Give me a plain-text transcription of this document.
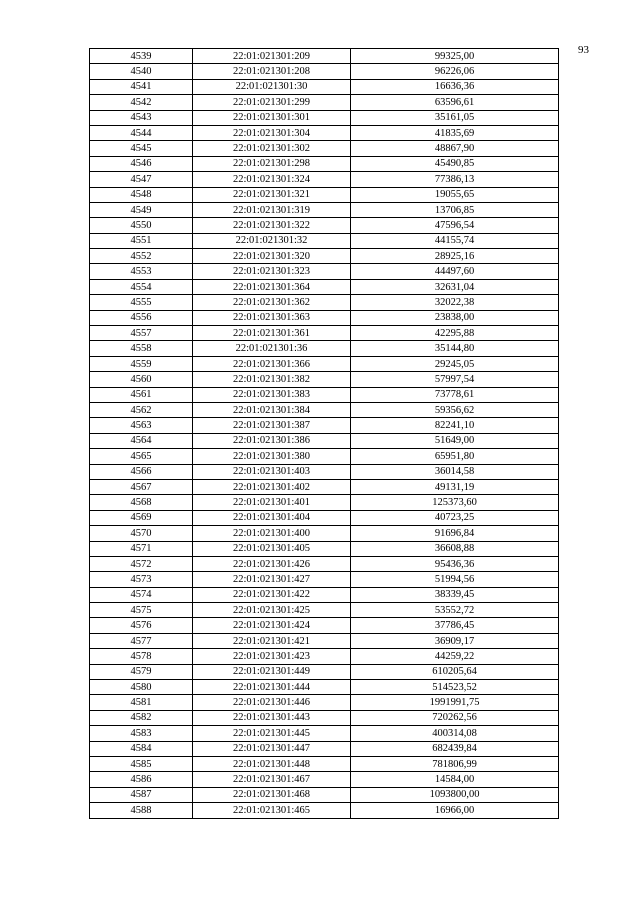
93
4539	22:01:021301:209	99325,00
4540	22:01:021301:208	96226,06
4541	22:01:021301:30	16636,36
4542	22:01:021301:299	63596,61
4543	22:01:021301:301	35161,05
4544	22:01:021301:304	41835,69
4545	22:01:021301:302	48867,90
4546	22:01:021301:298	45490,85
4547	22:01:021301:324	77386,13
4548	22:01:021301:321	19055,65
4549	22:01:021301:319	13706,85
4550	22:01:021301:322	47596,54
4551	22:01:021301:32	44155,74
4552	22:01:021301:320	28925,16
4553	22:01:021301:323	44497,60
4554	22:01:021301:364	32631,04
4555	22:01:021301:362	32022,38
4556	22:01:021301:363	23838,00
4557	22:01:021301:361	42295,88
4558	22:01:021301:36	35144,80
4559	22:01:021301:366	29245,05
4560	22:01:021301:382	57997,54
4561	22:01:021301:383	73778,61
4562	22:01:021301:384	59356,62
4563	22:01:021301:387	82241,10
4564	22:01:021301:386	51649,00
4565	22:01:021301:380	65951,80
4566	22:01:021301:403	36014,58
4567	22:01:021301:402	49131,19
4568	22:01:021301:401	125373,60
4569	22:01:021301:404	40723,25
4570	22:01:021301:400	91696,84
4571	22:01:021301:405	36608,88
4572	22:01:021301:426	95436,36
4573	22:01:021301:427	51994,56
4574	22:01:021301:422	38339,45
4575	22:01:021301:425	53552,72
4576	22:01:021301:424	37786,45
4577	22:01:021301:421	36909,17
4578	22:01:021301:423	44259,22
4579	22:01:021301:449	610205,64
4580	22:01:021301:444	514523,52
4581	22:01:021301:446	1991991,75
4582	22:01:021301:443	720262,56
4583	22:01:021301:445	400314,08
4584	22:01:021301:447	682439,84
4585	22:01:021301:448	781806,99
4586	22:01:021301:467	14584,00
4587	22:01:021301:468	1093800,00
4588	22:01:021301:465	16966,00
